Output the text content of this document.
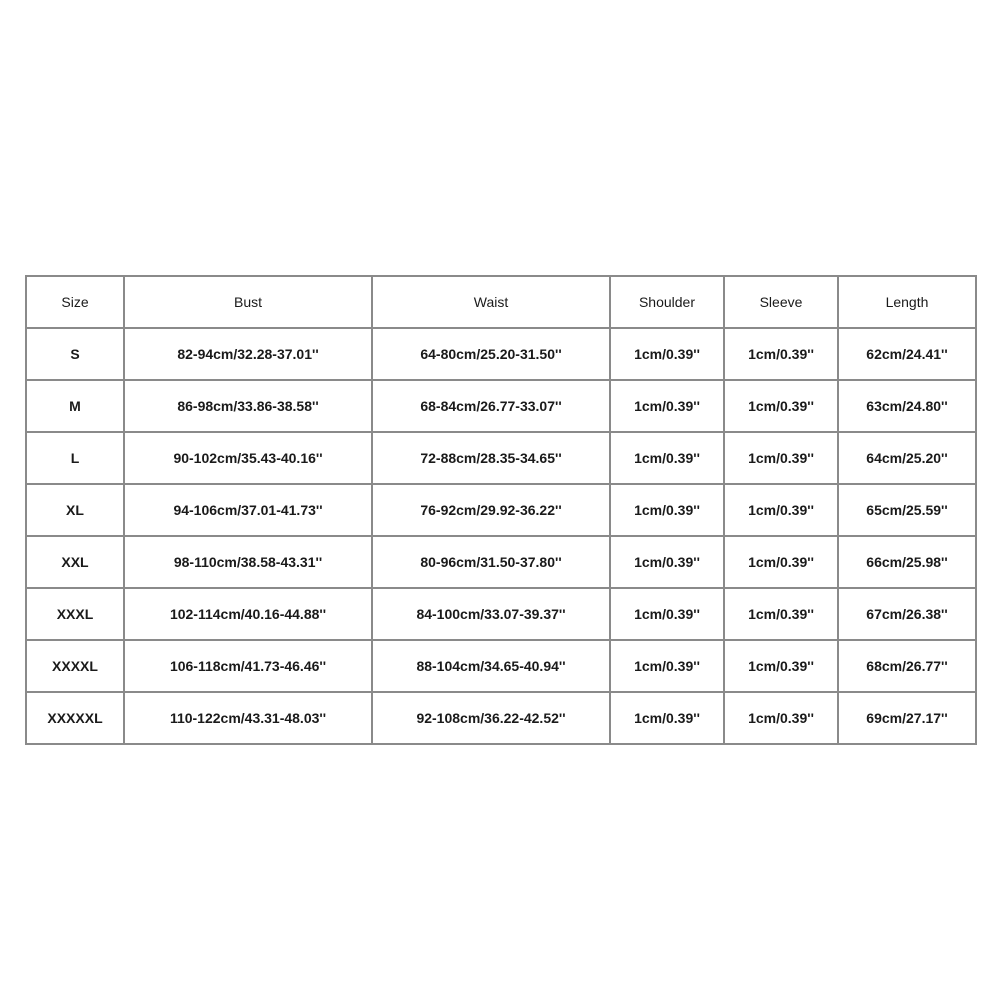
Size	Bust	Waist	Shoulder	Sleeve	Length
S	82-94cm/32.28-37.01''	64-80cm/25.20-31.50''	1cm/0.39''	1cm/0.39''	62cm/24.41''
M	86-98cm/33.86-38.58''	68-84cm/26.77-33.07''	1cm/0.39''	1cm/0.39''	63cm/24.80''
L	90-102cm/35.43-40.16''	72-88cm/28.35-34.65''	1cm/0.39''	1cm/0.39''	64cm/25.20''
XL	94-106cm/37.01-41.73''	76-92cm/29.92-36.22''	1cm/0.39''	1cm/0.39''	65cm/25.59''
XXL	98-110cm/38.58-43.31''	80-96cm/31.50-37.80''	1cm/0.39''	1cm/0.39''	66cm/25.98''
XXXL	102-114cm/40.16-44.88''	84-100cm/33.07-39.37''	1cm/0.39''	1cm/0.39''	67cm/26.38''
XXXXL	106-118cm/41.73-46.46''	88-104cm/34.65-40.94''	1cm/0.39''	1cm/0.39''	68cm/26.77''
XXXXXL	110-122cm/43.31-48.03''	92-108cm/36.22-42.52''	1cm/0.39''	1cm/0.39''	69cm/27.17''
